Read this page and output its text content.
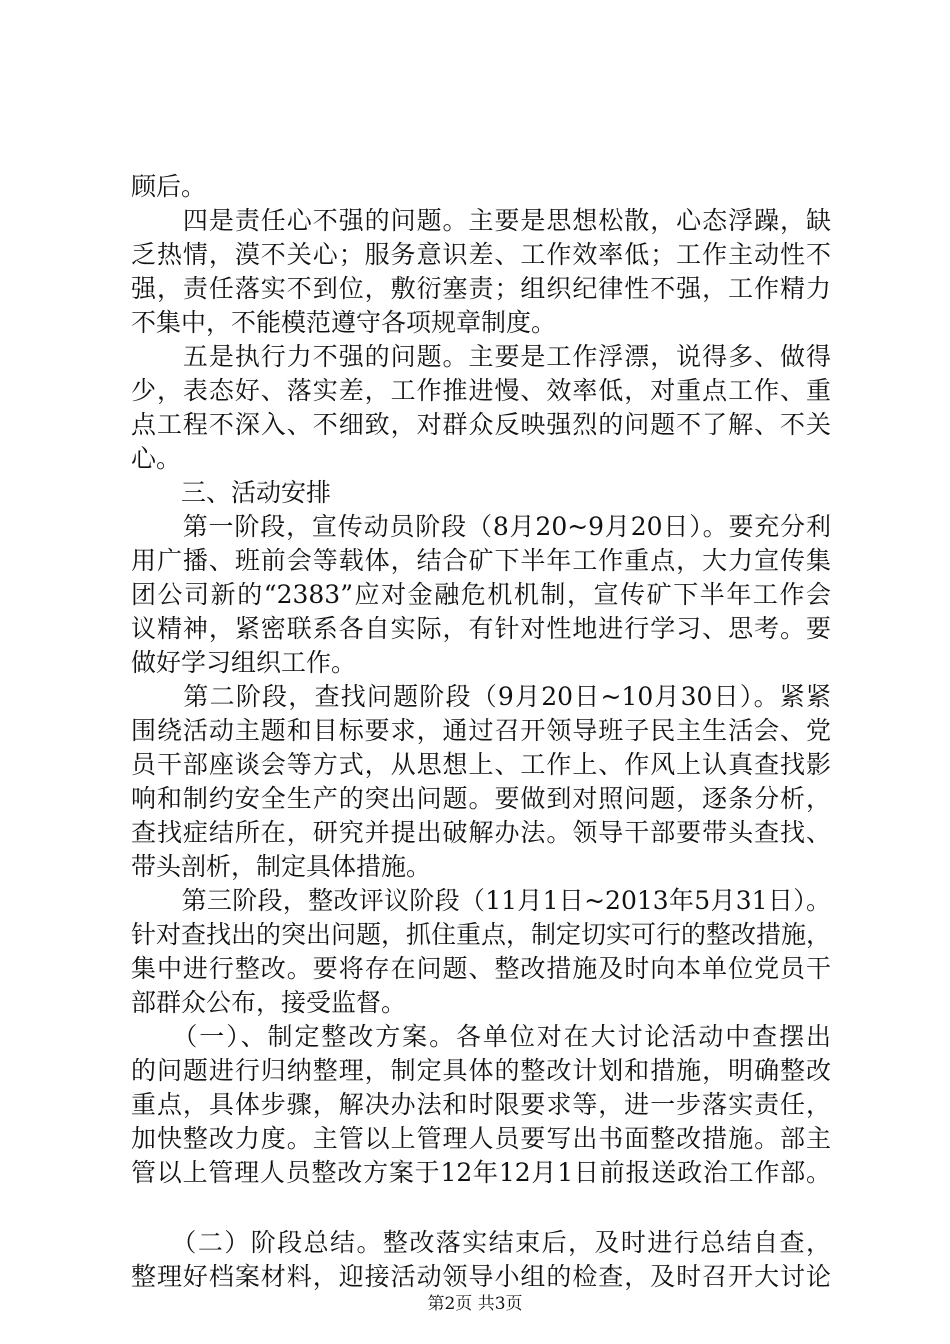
顾后。
　　四是责任心不强的问题。主要是思想松散，心态浮躁，缺
乏热情，漠不关心；服务意识差、工作效率低；工作主动性不
强，责任落实不到位，敷衍塞责；组织纪律性不强，工作精力
不集中，不能模范遵守各项规章制度。
　　五是执行力不强的问题。主要是工作浮漂，说得多、做得
少，表态好、落实差，工作推进慢、效率低，对重点工作、重
点工程不深入、不细致，对群众反映强烈的问题不了解、不关
心。
　　三、活动安排
　　第一阶段，宣传动员阶段（8月20~9月20日）。要充分利
用广播、班前会等载体，结合矿下半年工作重点，大力宣传集
团公司新的“2383”应对金融危机机制，宣传矿下半年工作会
议精神，紧密联系各自实际，有针对性地进行学习、思考。要
做好学习组织工作。
　　第二阶段，查找问题阶段（9月20日~10月30日）。紧紧
围绕活动主题和目标要求，通过召开领导班子民主生活会、党
员干部座谈会等方式，从思想上、工作上、作风上认真查找影
响和制约安全生产的突出问题。要做到对照问题，逐条分析，
查找症结所在，研究并提出破解办法。领导干部要带头查找、
带头剖析，制定具体措施。
　　第三阶段，整改评议阶段（11月1日~2013年5月31日）。
针对查找出的突出问题，抓住重点，制定切实可行的整改措施，
集中进行整改。要将存在问题、整改措施及时向本单位党员干
部群众公布，接受监督。
　　（一）、制定整改方案。各单位对在大讨论活动中查摆出
的问题进行归纳整理，制定具体的整改计划和措施，明确整改
重点，具体步骤，解决办法和时限要求等，进一步落实责任，
加快整改力度。主管以上管理人员要写出书面整改措施。部主
管以上管理人员整改方案于12年12月1日前报送政治工作部。
　　（二）阶段总结。整改落实结束后，及时进行总结自查，
整理好档案材料，迎接活动领导小组的检查，及时召开大讨论
第2页 共3页
